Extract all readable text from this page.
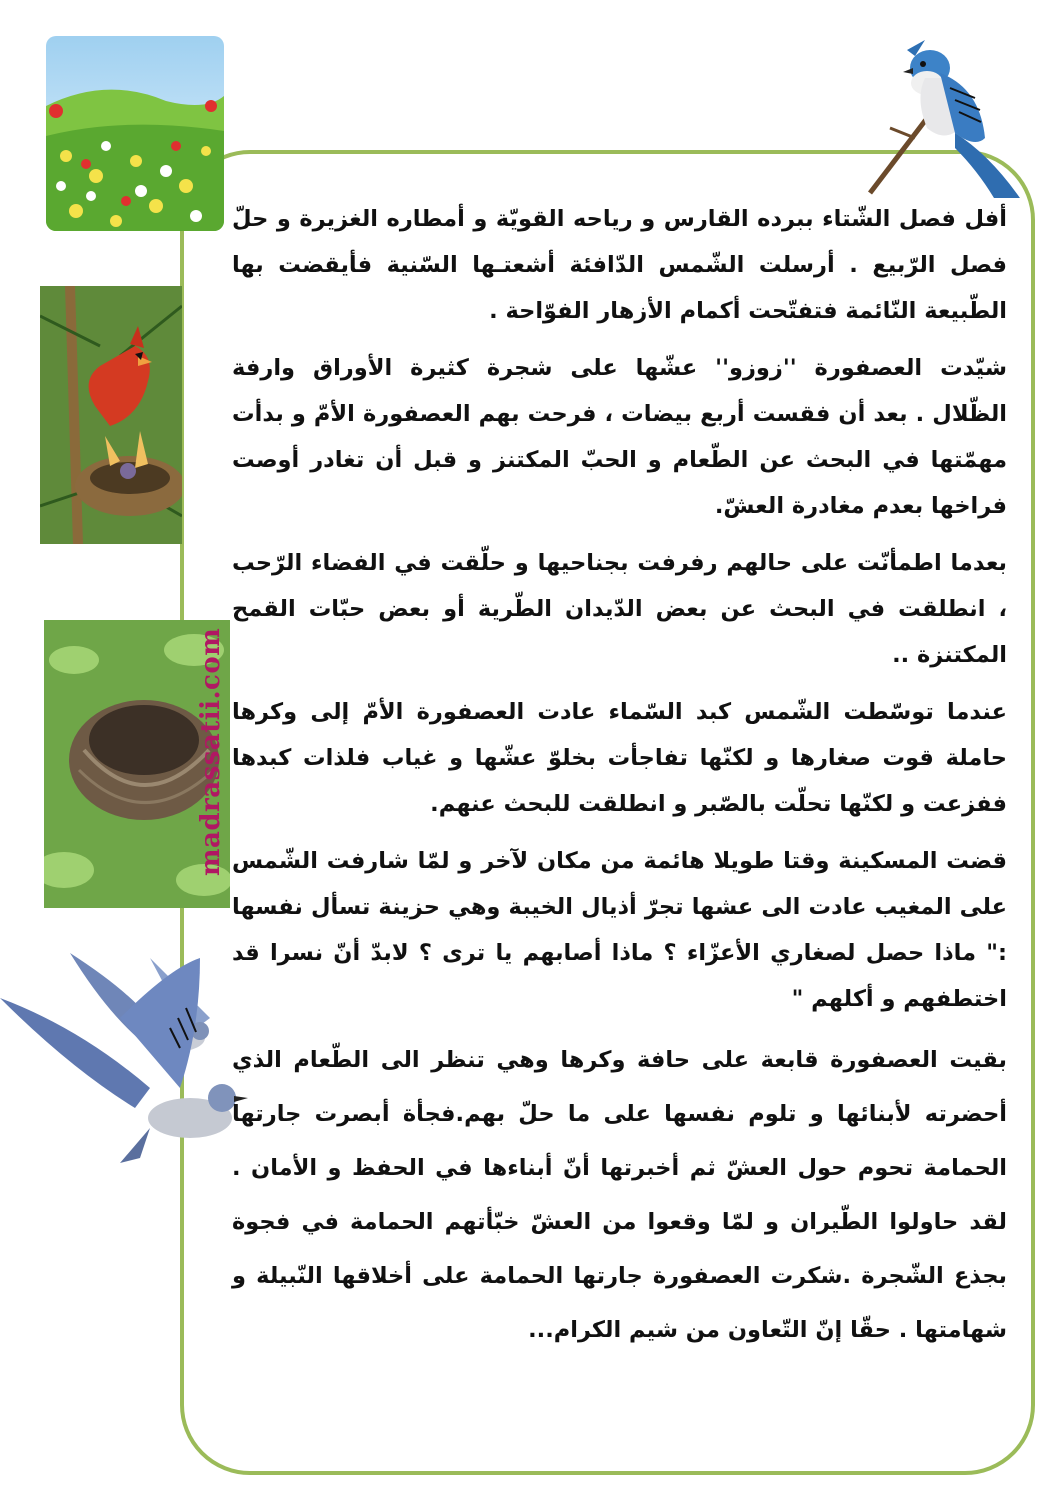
madrassatii.com

أفل فصل الشّتاء ببرده القارس و رياحه القويّة و أمطاره الغزيرة و حلّ فصل الرّبيع . أرسلت الشّمس الدّافئة أشعتـها السّنية فأيقضت بها الطّبيعة النّائمة فتفتّحت أكمام الأزهار الفوّاحة .

شيّدت العصفورة ''زوزو'' عشّها على شجرة كثيرة الأوراق وارفة الظّلال . بعد أن فقست أربع بيضات ، فرحت بهم العصفورة الأمّ و بدأت مهمّتها في البحث عن الطّعام و الحبّ المكتنز و قبل أن تغادر أوصت فراخها بعدم مغادرة العشّ.

بعدما اطمأنّت على حالهم رفرفت بجناحيها و حلّقت في الفضاء الرّحب ، انطلقت في البحث عن بعض الدّيدان الطّرية أو بعض حبّات القمح المكتنزة ..

عندما توسّطت الشّمس كبد السّماء عادت العصفورة الأمّ إلى وكرها حاملة قوت صغارها و لكنّها تفاجأت بخلوّ عشّها و غياب فلذات كبدها ففزعت و لكنّها تحلّت بالصّبر و انطلقت للبحث عنهم.

قضت المسكينة وقتا طويلا هائمة من مكان لآخر و لمّا شارفت الشّمس على المغيب عادت الى عشها تجرّ أذيال الخيبة وهي حزينة تسأل نفسها :" ماذا حصل لصغاري الأعزّاء ؟ ماذا أصابهم يا ترى ؟ لابدّ أنّ نسرا قد اختطفهم و أكلهم "

بقيت العصفورة قابعة على حافة وكرها وهي تنظر الى الطّعام الذي أحضرته لأبنائها و تلوم نفسها على ما حلّ بهم.فجأة أبصرت جارتها الحمامة تحوم حول العشّ ثم أخبرتها أنّ أبناءها في الحفظ و الأمان . لقد حاولوا الطّيران و لمّا وقعوا من العشّ خبّأتهم الحمامة في فجوة بجذع الشّجرة .شكرت العصفورة جارتها الحمامة على أخلاقها النّبيلة و شهامتها . حقّا إنّ التّعاون من شيم الكرام...
